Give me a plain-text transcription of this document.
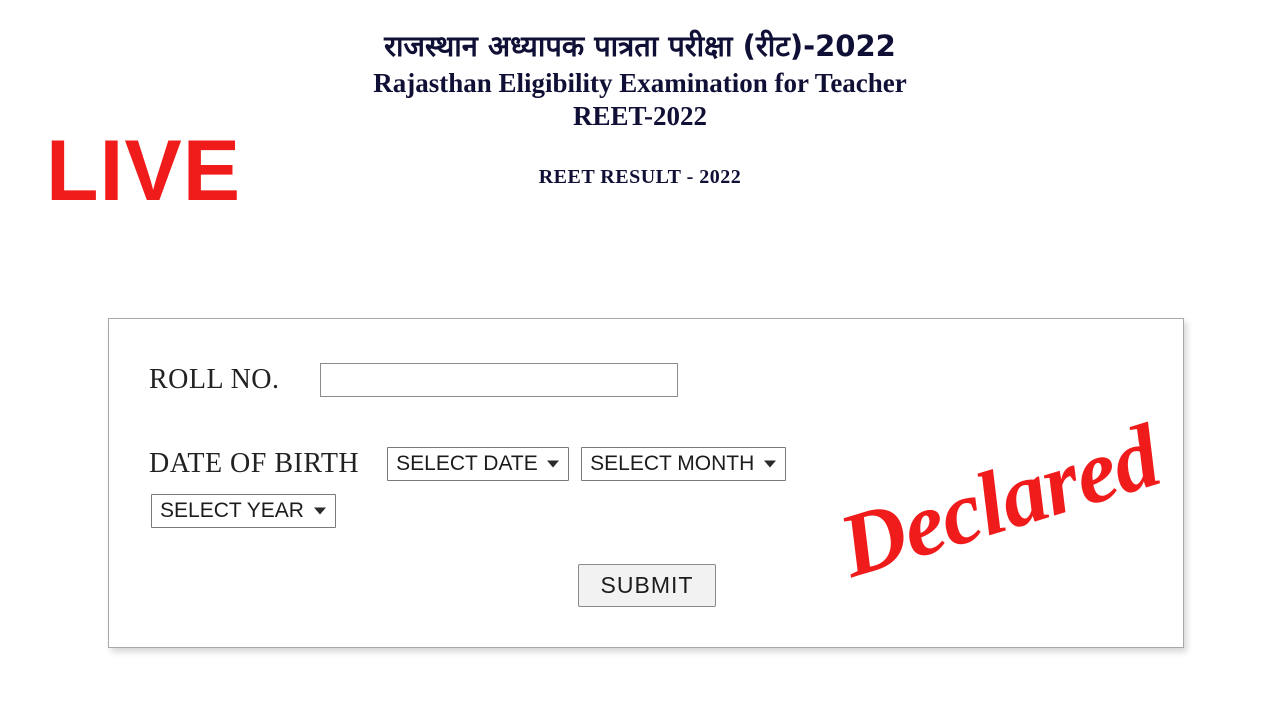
राजस्थान अध्यापक पात्रता परीक्षा (रीट)-2022
Rajasthan Eligibility Examination for Teacher
REET-2022
REET RESULT - 2022
LIVE
ROLL NO.
DATE OF BIRTH
SELECT DATE
SELECT MONTH
SELECT YEAR
SUBMIT	Declared
